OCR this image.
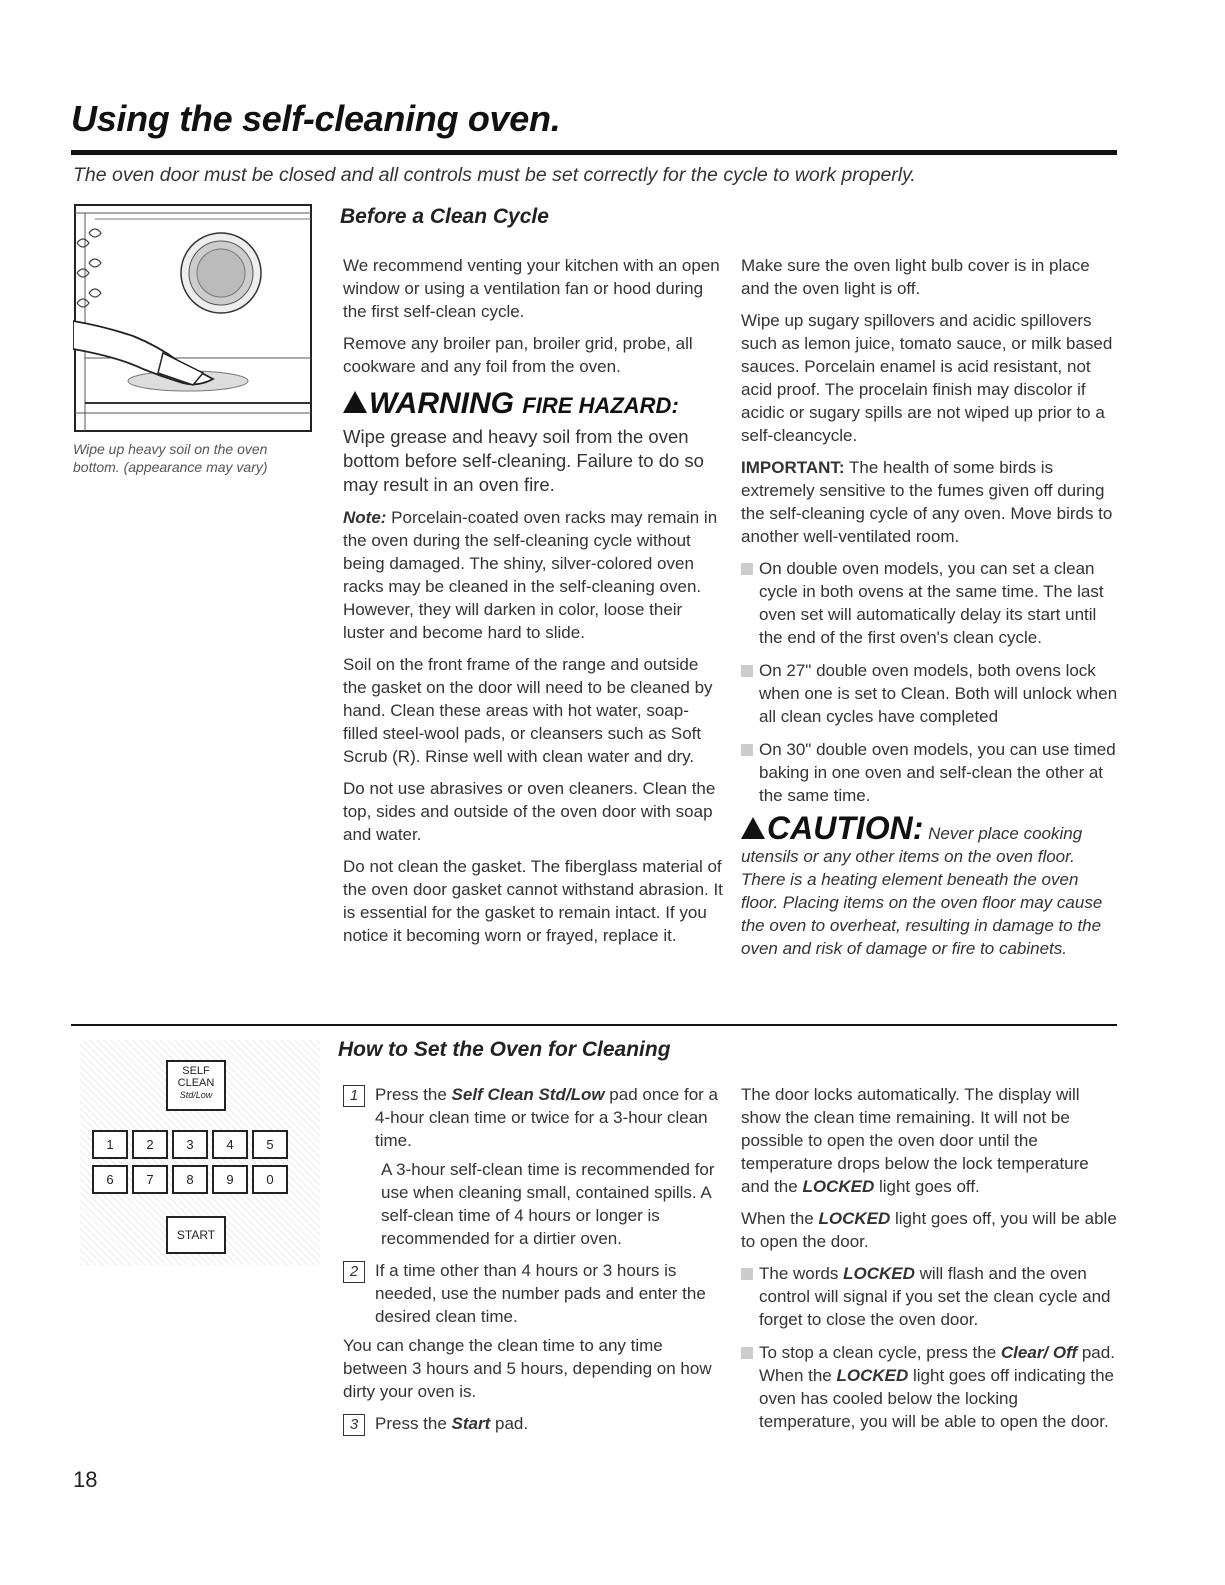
Using the self-cleaning oven.
The oven door must be closed and all controls must be set correctly for the cycle to work properly.
Wipe up heavy soil on the oven
bottom. (appearance may vary)
Before a Clean Cycle

We recommend venting your kitchen with an open window or using a ventilation fan or hood during the first self-clean cycle.

Remove any broiler pan, broiler grid, probe, all cookware and any foil from the oven.

WARNING FIRE HAZARD:

Wipe grease and heavy soil from the oven bottom before self-cleaning. Failure to do so may result in an oven fire.

Note: Porcelain-coated oven racks may remain in the oven during the self-cleaning cycle without being damaged. The shiny, silver-colored oven racks may be cleaned in the self-cleaning oven. However, they will darken in color, loose their luster and become hard to slide.

Soil on the front frame of the range and outside the gasket on the door will need to be cleaned by hand. Clean these areas with hot water, soap-filled steel-wool pads, or cleansers such as Soft Scrub (R). Rinse well with clean water and dry.

Do not use abrasives or oven cleaners. Clean the top, sides and outside of the oven door with soap and water.

Do not clean the gasket. The fiberglass material of the oven door gasket cannot withstand abrasion. It is essential for the gasket to remain intact. If you notice it becoming worn or frayed, replace it.

Make sure the oven light bulb cover is in place and the oven light is off.

Wipe up sugary spillovers and acidic spillovers such as lemon juice, tomato sauce, or milk based sauces. Porcelain enamel is acid resistant, not acid proof. The procelain finish may discolor if acidic or sugary spills are not wiped up prior to a self-cleancycle.

IMPORTANT: The health of some birds is extremely sensitive to the fumes given off during the self-cleaning cycle of any oven. Move birds to another well-ventilated room.

On double oven models, you can set a clean cycle in both ovens at the same time. The last oven set will automatically delay its start until the end of the first oven's clean cycle.
On 27" double oven models, both ovens lock when one is set to Clean. Both will unlock when all clean cycles have completed
On 30" double oven models, you can use timed baking in one oven and self-clean the other at the same time.
CAUTION: Never place cooking
utensils or any other items on the oven floor. There is a heating element beneath the oven floor. Placing items on the oven floor may cause the oven to overheat, resulting in damage to the oven and risk of damage or fire to cabinets.
How to Set the Oven for Cleaning
SELF
CLEAN
Std/Low
1	2	3	4	5
6	7	8	9	0
START
1 Press the Self Clean Std/Low pad once for a 4-hour clean time or twice for a 3-hour clean time.

A 3-hour self-clean time is recommended for use when cleaning small, contained spills. A self-clean time of 4 hours or longer is recommended for a dirtier oven.

2 If a time other than 4 hours or 3 hours is needed, use the number pads and enter the desired clean time.

You can change the clean time to any time between 3 hours and 5 hours, depending on how dirty your oven is.

3 Press the Start pad.

The door locks automatically. The display will show the clean time remaining. It will not be possible to open the oven door until the temperature drops below the lock temperature and the LOCKED light goes off.

When the LOCKED light goes off, you will be able to open the door.

The words LOCKED will flash and the oven control will signal if you set the clean cycle and forget to close the oven door.
To stop a clean cycle, press the Clear/ Off pad. When the LOCKED light goes off indicating the oven has cooled below the locking temperature, you will be able to open the door.
18
